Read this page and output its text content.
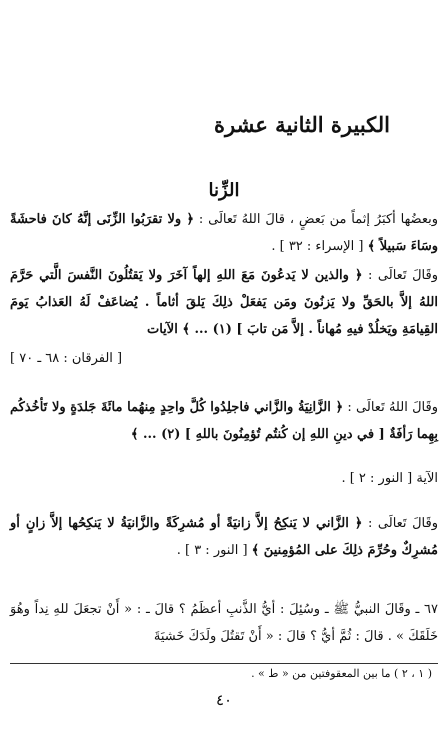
الكبيرة الثانية عشرة
الزِّنا

وبعضُها أكبَرُ إثماً من بَعضٍ ، قالَ اللهُ تَعالَى : ﴿ ولا تقرَبُوا الزِّنَى إنَّهُ كانَ فاحشَةً وسَاءَ سَبيلاً ﴾ [ الإسراء : ٣٢ ] .

وقَالَ تَعالَى : ﴿ والذين لا يَدعُونَ مَعَ اللهِ إلهاً آخَرَ ولا يَقتُلُونَ النَّفسَ الَّتي حَرَّمَ اللهُ إلاَّ بالحَقِّ ولا يَزنُونَ ومَن يَفعَلْ ذلِكَ يَلقَ أثاماً . يُضاعَفْ لَهُ العَذابُ يَومَ القِيامَةِ ويَخلُدْ فيهِ مُهاناً . إلاَّ مَن تابَ ] (١) ... ﴾ الآيات

[ الفرقان : ٦٨ ـ ٧٠ ]

وقَالَ اللهُ تَعالَى : ﴿ الزَّانِيَةُ والزَّاني فاجلِدُوا كُلَّ واحِدٍ مِنهُما مائَةَ جَلدَةٍ ولا تَأخُذكُم بِهِما رَأفَةٌ [ في دينِ اللهِ إن كُنتُم تُؤمِنُونَ باللهِ ] (٢) ... ﴾

الآية [ النور : ٢ ] .

وقَالَ تَعالَى : ﴿ الزَّاني لا يَنكِحُ إلاَّ زانيَةً أو مُشرِكَةً والزَّانيَةُ لا يَنكِحُها إلاَّ زانٍ أو مُشرِكٌ وحُرِّمَ ذلِكَ على المُؤمِنينَ ﴾ [ النور : ٣ ] .

٦٧ ـ وقَالَ النبيُّ ﷺ ـ وسُئِلَ : أيُّ الذَّنبِ أعظَمُ ؟ قالَ ـ : « أَنْ تجعَلَ للهِ نِداً وهُوَ خَلَقَكَ » . قالَ : ثُمَّ أيُّ ؟ قالَ : « أَنْ تَقتُلَ ولَدَكَ خَشيَةَ

( ١ ، ٢ ) ما بين المعقوفتين من « ط » .
٤٠
